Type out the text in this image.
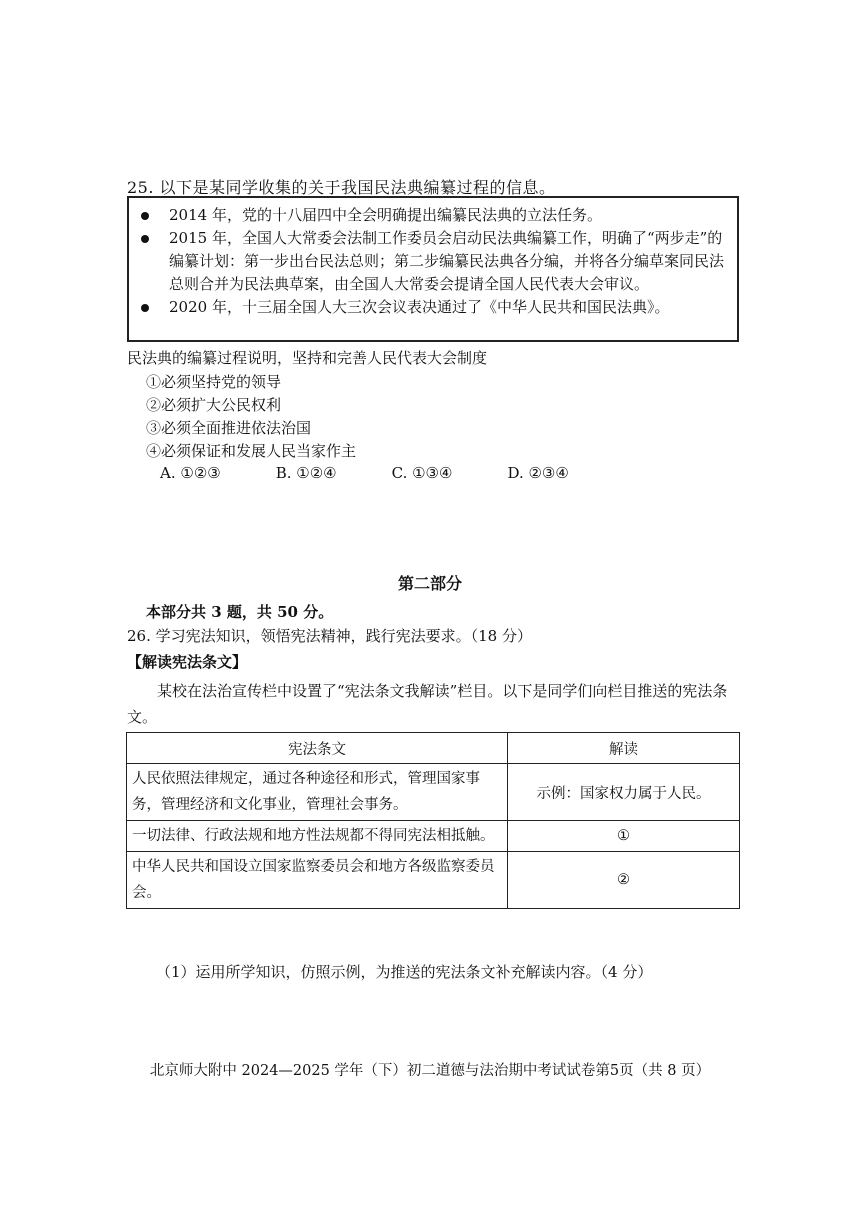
25. 以下是某同学收集的关于我国民法典编纂过程的信息。
2014 年，党的十八届四中全会明确提出编纂民法典的立法任务。
2015 年，全国人大常委会法制工作委员会启动民法典编纂工作，明确了“两步走”的编纂计划：第一步出台民法总则；第二步编纂民法典各分编，并将各分编草案同民法总则合并为民法典草案，由全国人大常委会提请全国人民代表大会审议。
2020 年，十三届全国人大三次会议表决通过了《中华人民共和国民法典》。
民法典的编纂过程说明，坚持和完善人民代表大会制度
①必须坚持党的领导
②必须扩大公民权利
③必须全面推进依法治国
④必须保证和发展人民当家作主
A. ①②③	B. ①②④	C. ①③④	D. ②③④
第二部分
本部分共 3 题，共 50 分。
26. 学习宪法知识，领悟宪法精神，践行宪法要求。（18 分）
【解读宪法条文】
某校在法治宣传栏中设置了“宪法条文我解读”栏目。以下是同学们向栏目推送的宪法条文。
宪法条文	解读
人民依照法律规定，通过各种途径和形式，管理国家事务，管理经济和文化事业，管理社会事务。	示例：国家权力属于人民。
一切法律、行政法规和地方性法规都不得同宪法相抵触。	①
中华人民共和国设立国家监察委员会和地方各级监察委员会。	②
（1）运用所学知识，仿照示例，为推送的宪法条文补充解读内容。（4 分）
北京师大附中 2024—2025 学年（下）初二道德与法治期中考试试卷第5页（共 8 页）
